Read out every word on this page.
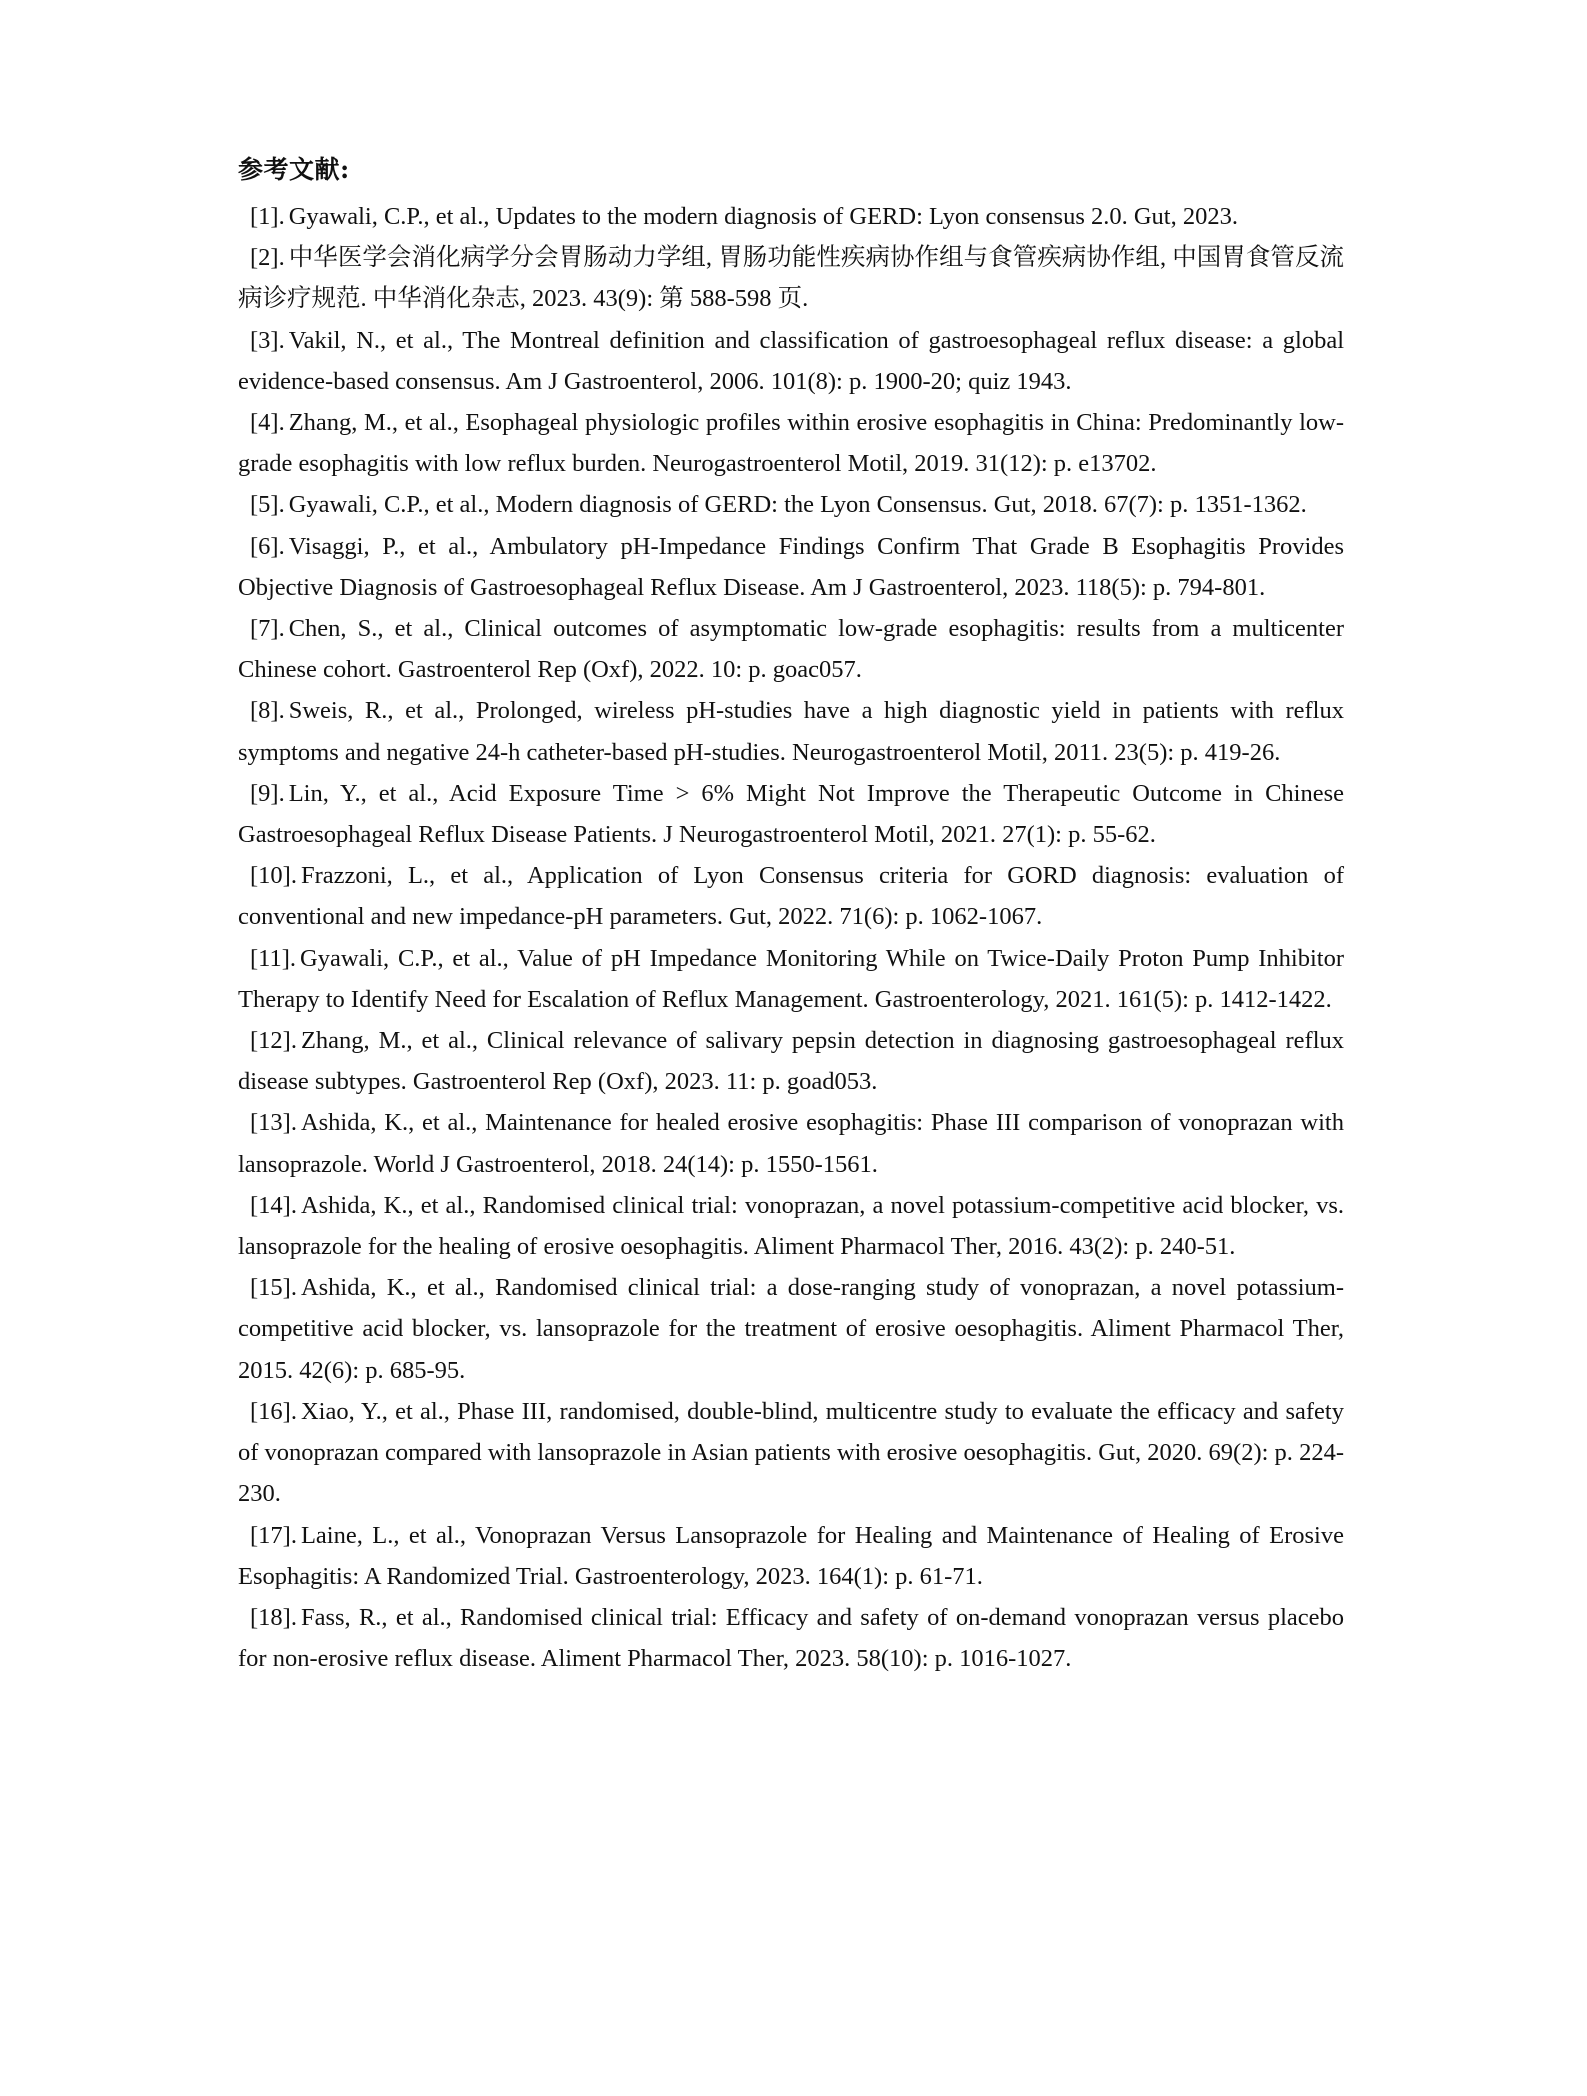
参考文献:
[1]. Gyawali, C.P., et al., Updates to the modern diagnosis of GERD: Lyon consensus 2.0. Gut, 2023.
[2]. 中华医学会消化病学分会胃肠动力学组, 胃肠功能性疾病协作组与食管疾病协作组, 中国胃食管反流病诊疗规范. 中华消化杂志, 2023. 43(9): 第 588-598 页.
[3]. Vakil, N., et al., The Montreal definition and classification of gastroesophageal reflux disease: a global evidence-based consensus. Am J Gastroenterol, 2006. 101(8): p. 1900-20; quiz 1943.
[4]. Zhang, M., et al., Esophageal physiologic profiles within erosive esophagitis in China: Predominantly low-grade esophagitis with low reflux burden. Neurogastroenterol Motil, 2019. 31(12): p. e13702.
[5]. Gyawali, C.P., et al., Modern diagnosis of GERD: the Lyon Consensus. Gut, 2018. 67(7): p. 1351-1362.
[6]. Visaggi, P., et al., Ambulatory pH-Impedance Findings Confirm That Grade B Esophagitis Provides Objective Diagnosis of Gastroesophageal Reflux Disease. Am J Gastroenterol, 2023. 118(5): p. 794-801.
[7]. Chen, S., et al., Clinical outcomes of asymptomatic low-grade esophagitis: results from a multicenter Chinese cohort. Gastroenterol Rep (Oxf), 2022. 10: p. goac057.
[8]. Sweis, R., et al., Prolonged, wireless pH-studies have a high diagnostic yield in patients with reflux symptoms and negative 24-h catheter-based pH-studies. Neurogastroenterol Motil, 2011. 23(5): p. 419-26.
[9]. Lin, Y., et al., Acid Exposure Time > 6% Might Not Improve the Therapeutic Outcome in Chinese Gastroesophageal Reflux Disease Patients. J Neurogastroenterol Motil, 2021. 27(1): p. 55-62.
[10]. Frazzoni, L., et al., Application of Lyon Consensus criteria for GORD diagnosis: evaluation of conventional and new impedance-pH parameters. Gut, 2022. 71(6): p. 1062-1067.
[11]. Gyawali, C.P., et al., Value of pH Impedance Monitoring While on Twice-Daily Proton Pump Inhibitor Therapy to Identify Need for Escalation of Reflux Management. Gastroenterology, 2021. 161(5): p. 1412-1422.
[12]. Zhang, M., et al., Clinical relevance of salivary pepsin detection in diagnosing gastroesophageal reflux disease subtypes. Gastroenterol Rep (Oxf), 2023. 11: p. goad053.
[13]. Ashida, K., et al., Maintenance for healed erosive esophagitis: Phase III comparison of vonoprazan with lansoprazole. World J Gastroenterol, 2018. 24(14): p. 1550-1561.
[14]. Ashida, K., et al., Randomised clinical trial: vonoprazan, a novel potassium-competitive acid blocker, vs. lansoprazole for the healing of erosive oesophagitis. Aliment Pharmacol Ther, 2016. 43(2): p. 240-51.
[15]. Ashida, K., et al., Randomised clinical trial: a dose-ranging study of vonoprazan, a novel potassium-competitive acid blocker, vs. lansoprazole for the treatment of erosive oesophagitis. Aliment Pharmacol Ther, 2015. 42(6): p. 685-95.
[16]. Xiao, Y., et al., Phase III, randomised, double-blind, multicentre study to evaluate the efficacy and safety of vonoprazan compared with lansoprazole in Asian patients with erosive oesophagitis. Gut, 2020. 69(2): p. 224-230.
[17]. Laine, L., et al., Vonoprazan Versus Lansoprazole for Healing and Maintenance of Healing of Erosive Esophagitis: A Randomized Trial. Gastroenterology, 2023. 164(1): p. 61-71.
[18]. Fass, R., et al., Randomised clinical trial: Efficacy and safety of on-demand vonoprazan versus placebo for non-erosive reflux disease. Aliment Pharmacol Ther, 2023. 58(10): p. 1016-1027.
